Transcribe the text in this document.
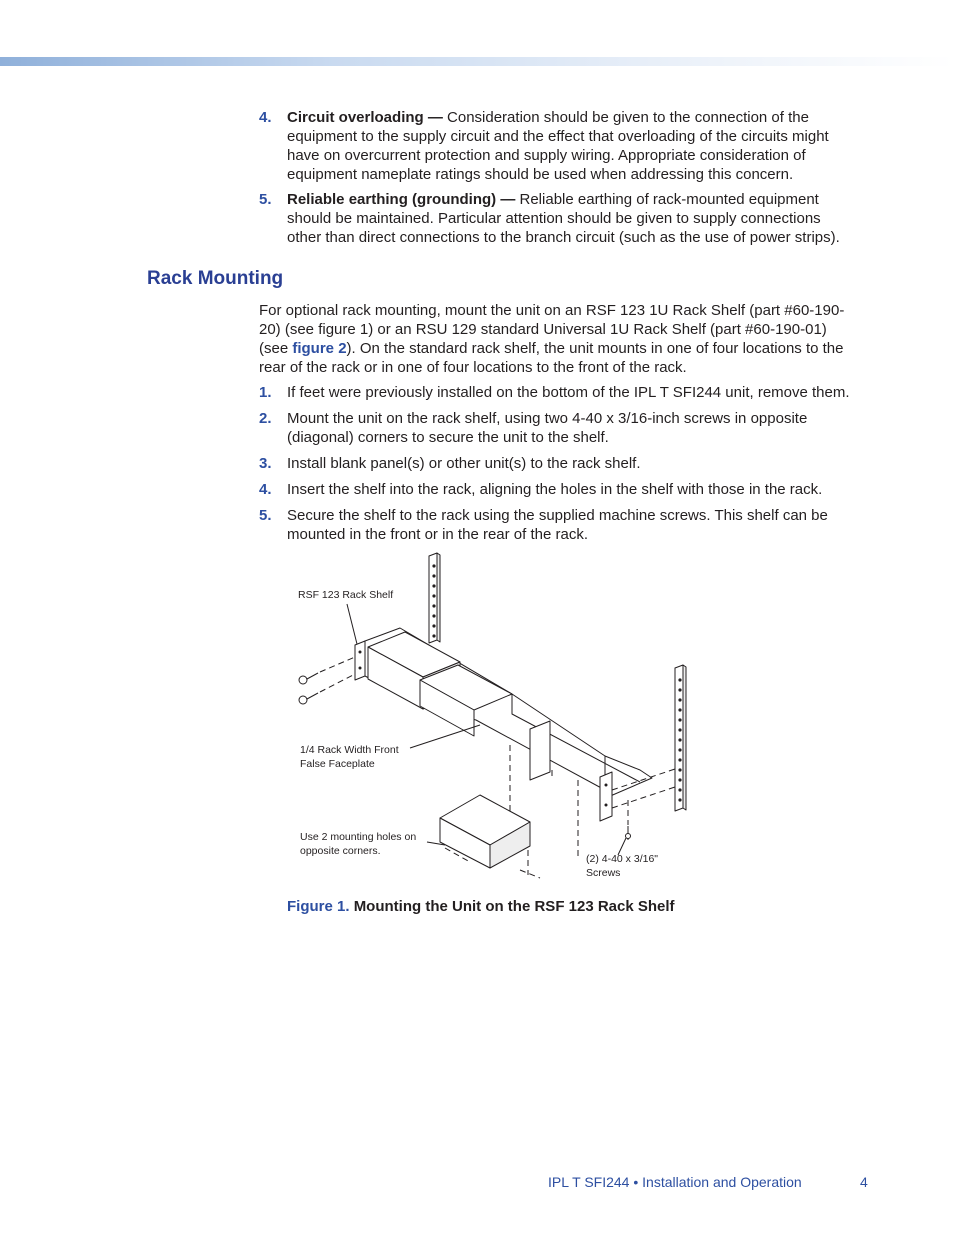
4. Circuit overloading — Consideration should be given to the connection of the equipment to the supply circuit and the effect that overloading of the circuits might have on overcurrent protection and supply wiring. Appropriate consideration of equipment nameplate ratings should be used when addressing this concern.
5. Reliable earthing (grounding) — Reliable earthing of rack-mounted equipment should be maintained. Particular attention should be given to supply connections other than direct connections to the branch circuit (such as the use of power strips).
Rack Mounting
For optional rack mounting, mount the unit on an RSF 123 1U Rack Shelf (part #60-190-20) (see figure 1) or an RSU 129 standard Universal 1U Rack Shelf (part #60-190-01) (see figure 2). On the standard rack shelf, the unit mounts in one of four locations to the rear of the rack or in one of four locations to the front of the rack.
1. If feet were previously installed on the bottom of the IPL T SFI244 unit, remove them.
2. Mount the unit on the rack shelf, using two 4-40 x 3/16-inch screws in opposite (diagonal) corners to secure the unit to the shelf.
3. Install blank panel(s) or other unit(s) to the rack shelf.
4. Insert the shelf into the rack, aligning the holes in the shelf with those in the rack.
5. Secure the shelf to the rack using the supplied machine screws. This shelf can be mounted in the front or in the rear of the rack.
RSF 123 Rack Shelf
1/4 Rack Width Front
False Faceplate
Use 2 mounting holes on
opposite corners.
(2) 4-40 x 3/16"
Screws
Figure 1. Mounting the Unit on the RSF 123 Rack Shelf
IPL T SFI244 • Installation and Operation	4
